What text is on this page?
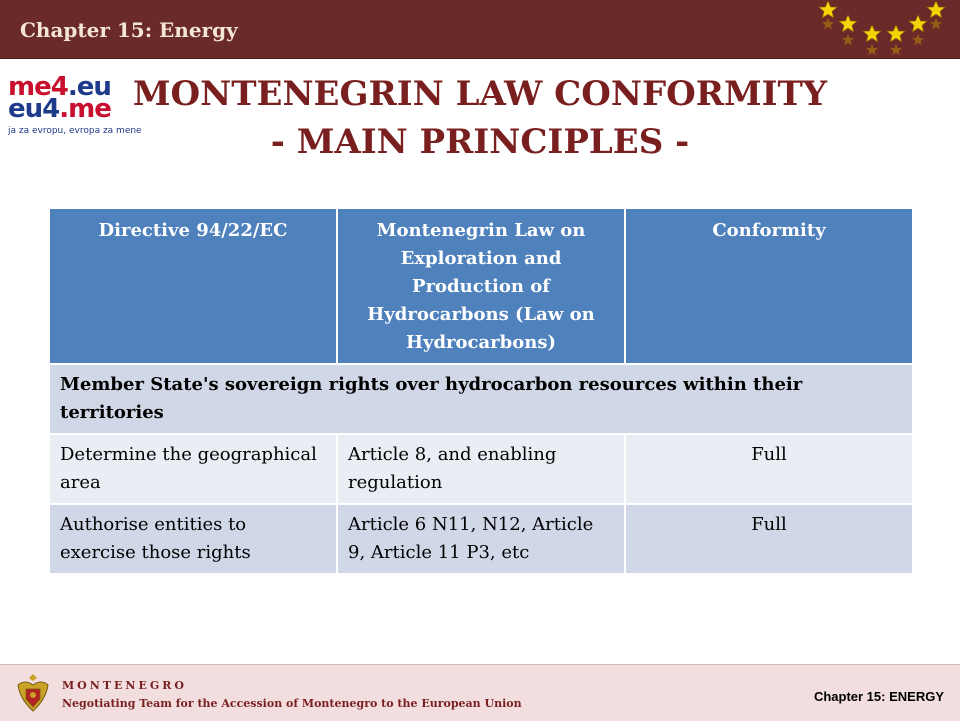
Chapter 15: Energy
me4.eu
eu4.me
ja za evropu, evropa za mene
MONTENEGRIN LAW CONFORMITY
- MAIN PRINCIPLES -
Directive 94/22/EC	Montenegrin Law on Exploration and Production of Hydrocarbons (Law on Hydrocarbons)	Conformity
Member State's sovereign rights over hydrocarbon resources within their territories		
Determine the geographical area	Article 8, and enabling regulation	Full
Authorise entities to exercise those rights	Article 6 N11, N12, Article 9, Article 11 P3, etc	Full
MONTENEGRO
Negotiating Team for the Accession of Montenegro to the European Union	Chapter 15: ENERGY
